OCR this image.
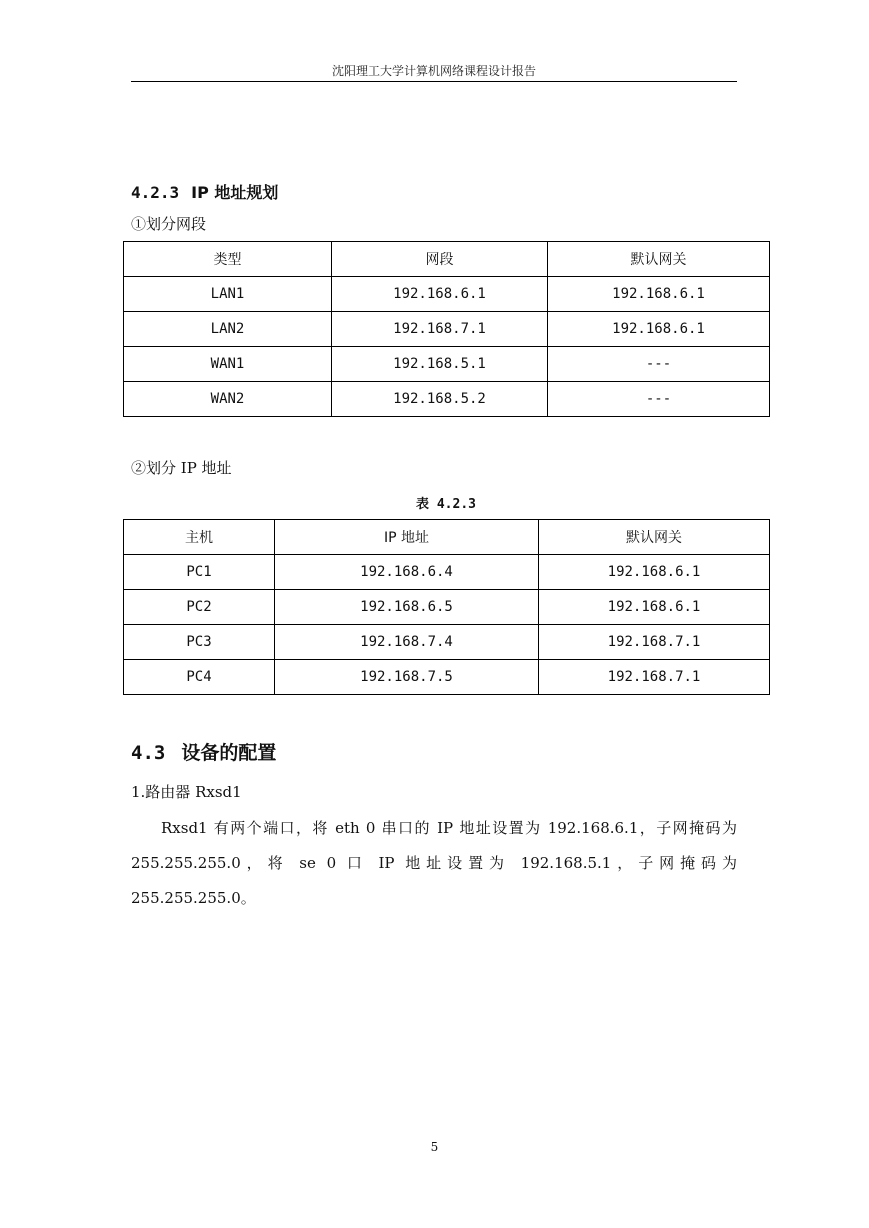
沈阳理工大学计算机网络课程设计报告
4.2.3 IP 地址规划
①划分网段
类型	网段	默认网关
LAN1	192.168.6.1	192.168.6.1
LAN2	192.168.7.1	192.168.6.1
WAN1	192.168.5.1	---
WAN2	192.168.5.2	---
②划分 IP 地址
表 4.2.3
主机	IP 地址	默认网关
PC1	192.168.6.4	192.168.6.1
PC2	192.168.6.5	192.168.6.1
PC3	192.168.7.4	192.168.7.1
PC4	192.168.7.5	192.168.7.1
4.3 设备的配置
1.路由器 Rxsd1
Rxsd1 有两个端口，将 eth 0 串口的 IP 地址设置为 192.168.6.1，子网掩码为 255.255.255.0，将 se 0 口 IP 地址设置为 192.168.5.1，子网掩码为 255.255.255.0。
5
